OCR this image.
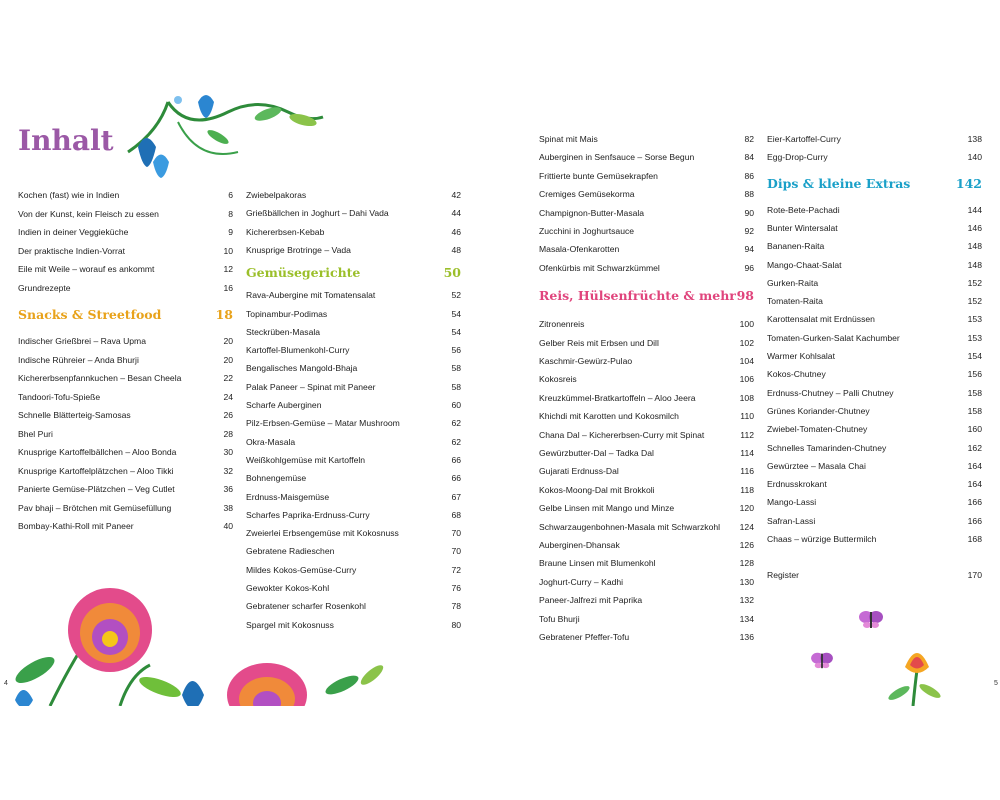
Inhalt
Kochen (fast) wie in Indien	6
Von der Kunst, kein Fleisch zu essen	8
Indien in deiner Veggieküche	9
Der praktische Indien-Vorrat	10
Eile mit Weile – worauf es ankommt	12
Grundrezepte	16
Snacks & Streetfood	18
Indischer Grießbrei – Rava Upma	20
Indische Rühreier – Anda Bhurji	20
Kichererbsenpfannkuchen – Besan Cheela	22
Tandoori-Tofu-Spieße	24
Schnelle Blätterteig-Samosas	26
Bhel Puri	28
Knusprige Kartoffelbällchen – Aloo Bonda	30
Knusprige Kartoffelplätzchen – Aloo Tikki	32
Panierte Gemüse-Plätzchen – Veg Cutlet	36
Pav bhaji – Brötchen mit Gemüsefüllung	38
Bombay-Kathi-Roll mit Paneer	40
Zwiebelpakoras	42
Grießbällchen in Joghurt – Dahi Vada	44
Kichererbsen-Kebab	46
Knusprige Brotringe – Vada	48
Gemüsegerichte	50
Rava-Aubergine mit Tomatensalat	52
Topinambur-Podimas	54
Steckrüben-Masala	54
Kartoffel-Blumenkohl-Curry	56
Bengalisches Mangold-Bhaja	58
Palak Paneer – Spinat mit Paneer	58
Scharfe Auberginen	60
Pilz-Erbsen-Gemüse – Matar Mushroom	62
Okra-Masala	62
Weißkohlgemüse mit Kartoffeln	66
Bohnengemüse	66
Erdnuss-Maisgemüse	67
Scharfes Paprika-Erdnuss-Curry	68
Zweierlei Erbsengemüse mit Kokosnuss	70
Gebratene Radieschen	70
Mildes Kokos-Gemüse-Curry	72
Gewokter Kokos-Kohl	76
Gebratener scharfer Rosenkohl	78
Spargel mit Kokosnuss	80
Spinat mit Mais	82
Auberginen in Senfsauce – Sorse Begun	84
Frittierte bunte Gemüsekrapfen	86
Cremiges Gemüsekorma	88
Champignon-Butter-Masala	90
Zucchini in Joghurtsauce	92
Masala-Ofenkarotten	94
Ofenkürbis mit Schwarzkümmel	96
Reis, Hülsenfrüchte & mehr 98
Zitronenreis	100
Gelber Reis mit Erbsen und Dill	102
Kaschmir-Gewürz-Pulao	104
Kokosreis	106
Kreuzkümmel-Bratkartoffeln – Aloo Jeera	108
Khichdi mit Karotten und Kokosmilch	110
Chana Dal – Kichererbsen-Curry mit Spinat	112
Gewürzbutter-Dal – Tadka Dal	114
Gujarati Erdnuss-Dal	116
Kokos-Moong-Dal mit Brokkoli	118
Gelbe Linsen mit Mango und Minze	120
Schwarzaugenbohnen-Masala mit Schwarzkohl 124
Auberginen-Dhansak	126
Braune Linsen mit Blumenkohl	128
Joghurt-Curry – Kadhi	130
Paneer-Jalfrezi mit Paprika	132
Tofu Bhurji	134
Gebratener Pfeffer-Tofu	136
Eier-Kartoffel-Curry	138
Egg-Drop-Curry	140
Dips & kleine Extras	142
Rote-Bete-Pachadi	144
Bunter Wintersalat	146
Bananen-Raita	148
Mango-Chaat-Salat	148
Gurken-Raita	152
Tomaten-Raita	152
Karottensalat mit Erdnüssen	153
Tomaten-Gurken-Salat Kachumber	153
Warmer Kohlsalat	154
Kokos-Chutney	156
Erdnuss-Chutney – Palli Chutney	158
Grünes Koriander-Chutney	158
Zwiebel-Tomaten-Chutney	160
Schnelles Tamarinden-Chutney	162
Gewürztee – Masala Chai	164
Erdnusskrokant	164
Mango-Lassi	166
Safran-Lassi	166
Chaas – würzige Buttermilch	168
Register	170
4	5
